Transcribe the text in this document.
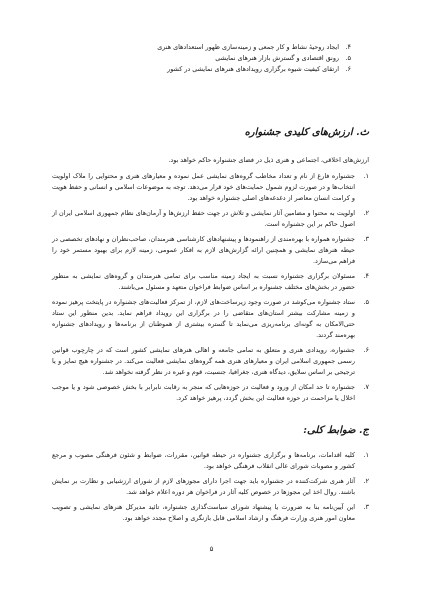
۴.
ایجاد روحیهٔ نشاط و کار جمعی و زمینه‌سازی ظهور استعدادهای هنری
۵.
رونق اقتصادی و گسترش بازار هنرهای نمایشی
۶.
ارتقای کیفیت شیوه برگزاری رویدادهای هنرهای نمایشی در کشور
ث. ارزش‌های کلیدی جشنواره
ارزش‌های اخلاقی، اجتماعی و هنری ذیل در فضای جشنواره حاکم خواهد بود.
۱.
جشنواره فارغ از نام و تعداد مخاطب گروه‌های نمایشی عمل نموده و معیارهای هنری و محتوایی را ملاک اولویت انتخاب‌ها و در صورت لزوم شمول حمایت‌های خود قرار می‌دهد. توجه به موضوعات اسلامی و انسانی و حفظ هویت و کرامت انسان معاصر از دغدغه‌های اصلی جشنواره خواهد بود.
۲.
اولویت به محتوا و مضامین آثار نمایشی و تلاش در جهت حفظ ارزش‌ها و آرمان‌های نظام جمهوری اسلامی ایران از اصول حاکم بر این جشنواره است.
۳.
جشنواره همواره با بهره‌مندی از راهنمودها و پیشنهادهای کارشناسی هنرمندان، صاحب‌نظران و نهادهای تخصصی در حیطه هنرهای نمایشی و همچنین ارائه گزارش‌های لازم به افکار عمومی، زمینه لازم برای بهبود مستمر خود را فراهم می‌سازد.
۴.
مسئولان برگزاری جشنواره نسبت به ایجاد زمینه مناسب برای تمامی هنرمندان و گروه‌های نمایشی به منظور حضور در بخش‌های مختلف جشنواره بر اساس ضوابط فراخوان متعهد و مسئول می‌باشند.
۵.
ستاد جشنواره می‌کوشد در صورت وجود زیرساخت‌های لازم، از تمرکز فعالیت‌های جشنواره در پایتخت پرهیز نموده و زمینه مشارکت بیشتر استان‌های متقاضی را در برگزاری این رویداد فراهم نماید. بدین منظور این ستاد حتی‌الامکان به گونه‌ای برنامه‌ریزی می‌نماید تا گستره بیشتری از هموطنان از برنامه‌ها و رویدادهای جشنواره بهره‌مند گردند.
۶.
جشنواره، رویدادی هنری و متعلق به تمامی جامعه و اهالی هنرهای نمایشی کشور است که در چارچوب قوانین رسمی جمهوری اسلامی ایران و معیارهای هنری همه گروه‌های نمایشی فعالیت می‌کند. در جشنواره هیچ تمایز و یا ترجیحی بر اساس سلایق، دیدگاه هنری، جغرافیا، جنسیت، قوم و غیره در نظر گرفته نخواهد شد.
۷.
جشنواره تا حد امکان از ورود و فعالیت در حوزه‌هایی که منجر به رقابت نابرابر با بخش خصوصی شود و یا موجب اخلال یا مزاحمت در حوزه فعالیت این بخش گردد، پرهیز خواهد کرد.
ج. ضوابط کلی:
۱.
کلیه اقدامات، برنامه‌ها و برگزاری جشنواره در حیطه قوانین، مقررات، ضوابط و شئون فرهنگی مصوب و مرجع کشور و مصوبات شورای عالی انقلاب فرهنگی خواهد بود.
۲.
آثار هنری شرکت‌کننده در جشنواره باید جهت اجرا دارای مجوزهای لازم از شورای ارزشیابی و نظارت بر نمایش باشند. روال اخذ این مجوزها در خصوص کلیه آثار در فراخوان هر دوره اعلام خواهد شد.
۳.
این آیین‌نامه بنا به ضرورت یا پیشنهاد شورای سیاست‌گذاری جشنواره، تائید مدیرکل هنرهای نمایشی و تصویب معاون امور هنری وزارت فرهنگ و ارشاد اسلامی قابل بازنگری و اصلاح مجدد خواهد بود.
۵
